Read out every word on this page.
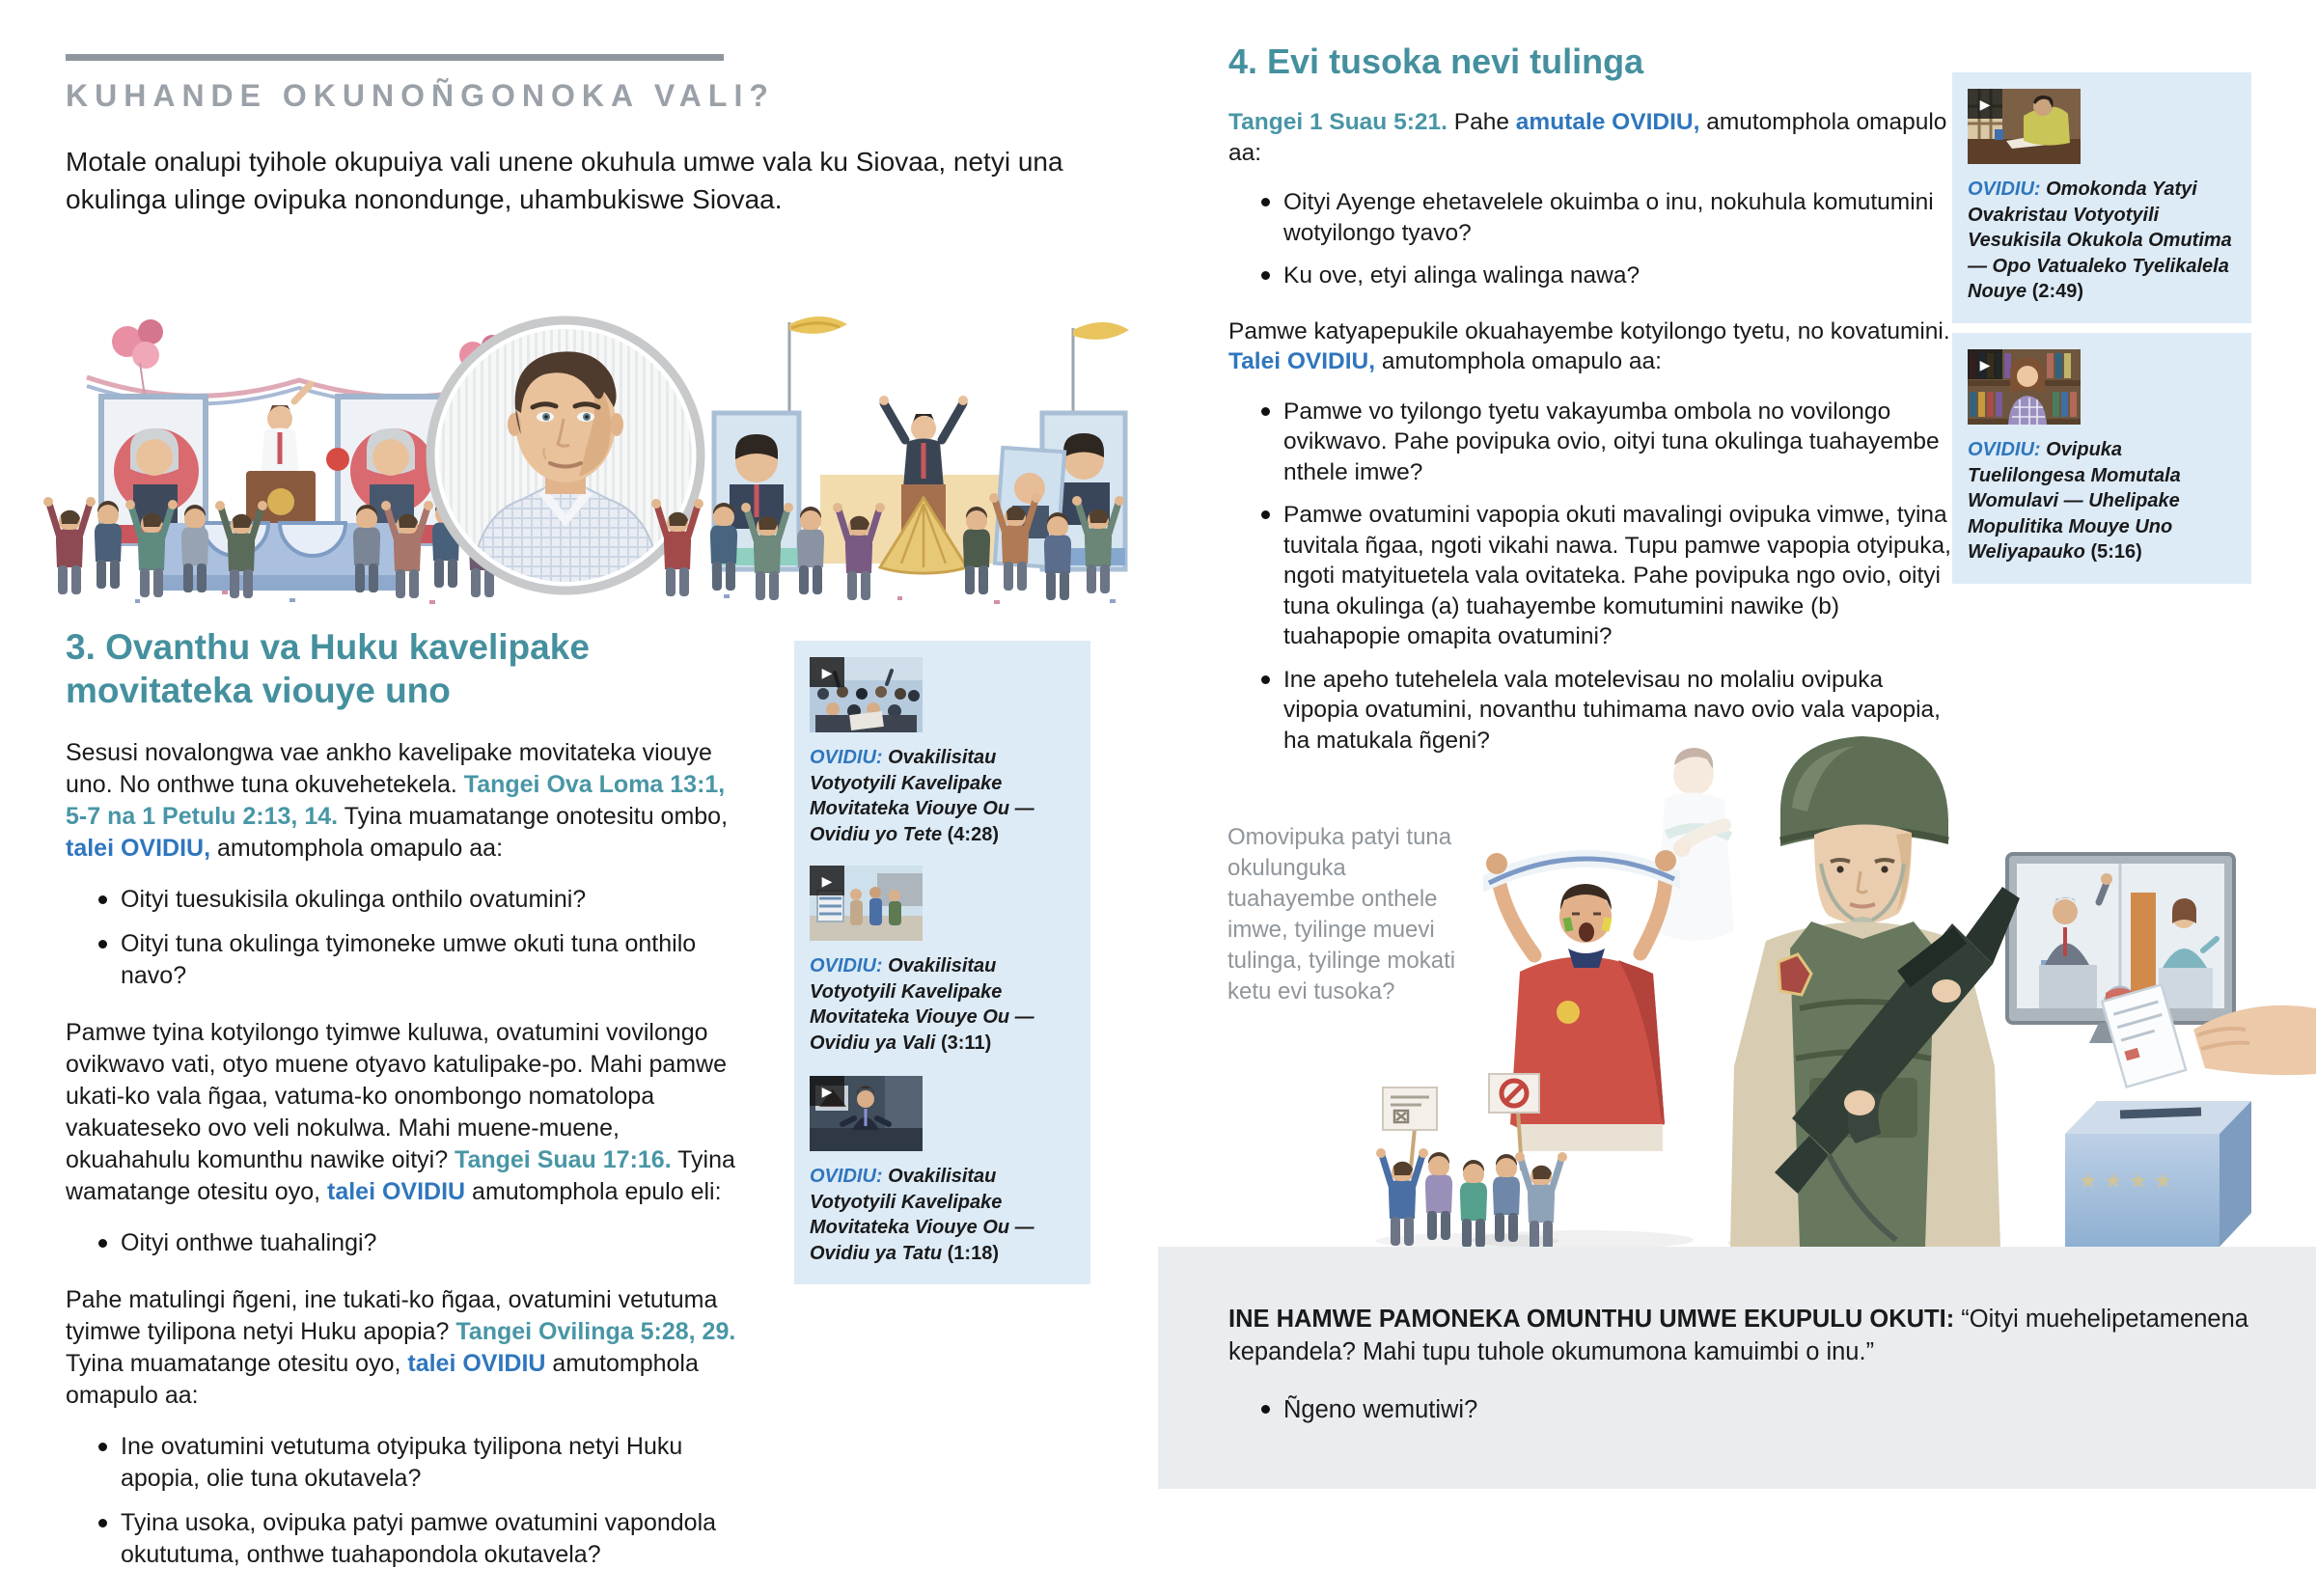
KUHANDE OKUNOÑGONOKA VALI?

Motale onalupi tyihole okupuiya vali unene okuhula umwe vala ku Siovaa, netyi una okulinga ulinge ovipuka nonondunge, uhambukiswe Siovaa.

3. Ovanthu va Huku kavelipake movitateka viouye uno

Sesusi novalongwa vae ankho kavelipake movitateka viouye uno. No onthwe tuna okuvehetekela. Tangei Ova Loma 13:1, 5-7 na 1 Petulu 2:13, 14. Tyina muamatange onotesitu ombo, talei OVIDIU, amutomphola omapulo aa:

Oityi tuesukisila okulinga onthilo ovatumini?
Oityi tuna okulinga tyimoneke umwe okuti tuna onthilo navo?

Pamwe tyina kotyilongo tyimwe kuluwa, ovatumini vovilongo ovikwavo vati, otyo muene otyavo katulipake-po. Mahi pamwe ukati-ko vala ñgaa, vatuma-ko onombongo nomatolopa vakuateseko ovo veli nokulwa. Mahi muene-muene, okuahahulu komunthu nawike oityi? Tangei Suau 17:16. Tyina wamatange otesitu oyo, talei OVIDIU amutomphola epulo eli:

Oityi onthwe tuahalingi?

Pahe matulingi ñgeni, ine tukati-ko ñgaa, ovatumini vetutuma tyimwe tyilipona netyi Huku apopia? Tangei Ovilinga 5:28, 29. Tyina muamatange otesitu oyo, talei OVIDIU amutomphola omapulo aa:

Ine ovatumini vetutuma otyipuka tyilipona netyi Huku apopia, olie tuna okutavela?
Tyina usoka, ovipuka patyi pamwe ovatumini vapondola okututuma, onthwe tuahapondola okutavela?
▶
OVIDIU: Ovakilisitau Votyotyili Kavelipake Movitateka Viouye Ou — Ovidiu yo Tete (4:28)
▶
OVIDIU: Ovakilisitau Votyotyili Kavelipake Movitateka Viouye Ou — Ovidiu ya Vali (3:11)
▶
OVIDIU: Ovakilisitau Votyotyili Kavelipake Movitateka Viouye Ou — Ovidiu ya Tatu (1:18)
4. Evi tusoka nevi tulinga

Tangei 1 Suau 5:21. Pahe amutale OVIDIU, amutomphola omapulo aa:

Oityi Ayenge ehetavelele okuimba o inu, nokuhula komutumini wotyilongo tyavo?
Ku ove, etyi alinga walinga nawa?

Pamwe katyapepukile okuahayembe kotyilongo tyetu, no kovatumini. Talei OVIDIU, amutomphola omapulo aa:

Pamwe vo tyilongo tyetu vakayumba ombola no vovilongo ovikwavo. Pahe povipuka ovio, oityi tuna okulinga tuahayembe nthele imwe?
Pamwe ovatumini vapopia okuti mavalingi ovipuka vimwe, tyina tuvitala ñgaa, ngoti vikahi nawa. Tupu pamwe vapopia otyipuka, ngoti matyituetela vala ovitateka. Pahe povipuka ngo ovio, oityi tuna okulinga (a) tuahayembe komutumini nawike (b) tuahapopie omapita ovatumini?
Ine apeho tutehelela vala motelevisau no molaliu ovipuka vipopia ovatumini, novanthu tuhimama navo ovio vala vapopia, ha matukala ñgeni?
Omovipuka patyi tuna okulunguka tuahayembe onthele imwe, tyilinge muevi tulinga, tyilinge mokati ketu evi tusoka?
★ ★ ★ ★
▶
OVIDIU: Omokonda Yatyi Ovakristau Votyotyili Vesukisila Okukola Omutima — Opo Vatualeko Tyelikalela Nouye (2:49)
▶
OVIDIU: Ovipuka Tuelilongesa Momutala Womulavi — Uhelipake Mopulitika Mouye Uno Weliyapauko (5:16)

INE HAMWE PAMONEKA OMUNTHU UMWE EKUPULU OKUTI: “Oityi muehelipetamenena kepandela? Mahi tupu tuhole okumumona kamuimbi o inu.”

Ñgeno wemutiwi?
